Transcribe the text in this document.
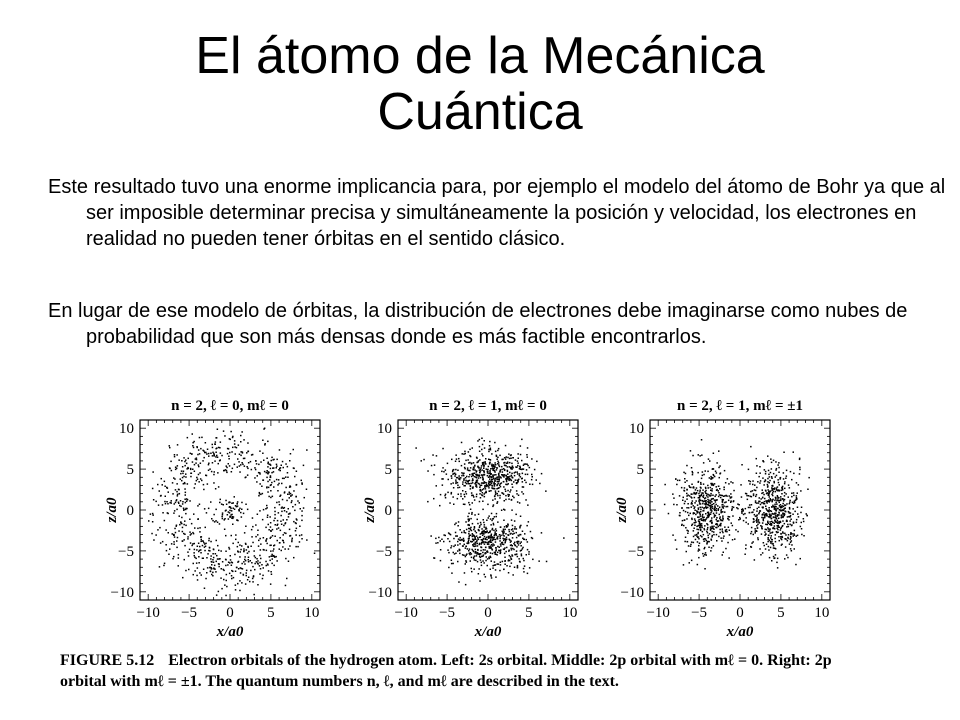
El átomo de la Mecánica
Cuántica

Este resultado tuvo una enorme implicancia para, por ejemplo el modelo del átomo de Bohr ya que al ser imposible determinar precisa y simultáneamente la posición y velocidad, los electrones en realidad no pueden tener órbitas en el sentido clásico.

En lugar de ese modelo de órbitas, la distribución de electrones debe imaginarse como nubes de probabilidad que son más densas donde es más factible encontrarlos.

n = 2, ℓ = 0, mℓ = 0
−10
−10
−5
−5
0
0
5
5
10
10
x/a0
z/a0
n = 2, ℓ = 1, mℓ = 0
−10
−10
−5
−5
0
0
5
5
10
10
x/a0
z/a0
n = 2, ℓ = 1, mℓ = ±1
−10
−10
−5
−5
0
0
5
5
10
10
x/a0
z/a0
FIGURE 5.12 Electron orbitals of the hydrogen atom. Left: 2s orbital. Middle: 2p orbital with mℓ = 0. Right: 2p orbital with mℓ = ±1. The quantum numbers n, ℓ, and mℓ are described in the text.
